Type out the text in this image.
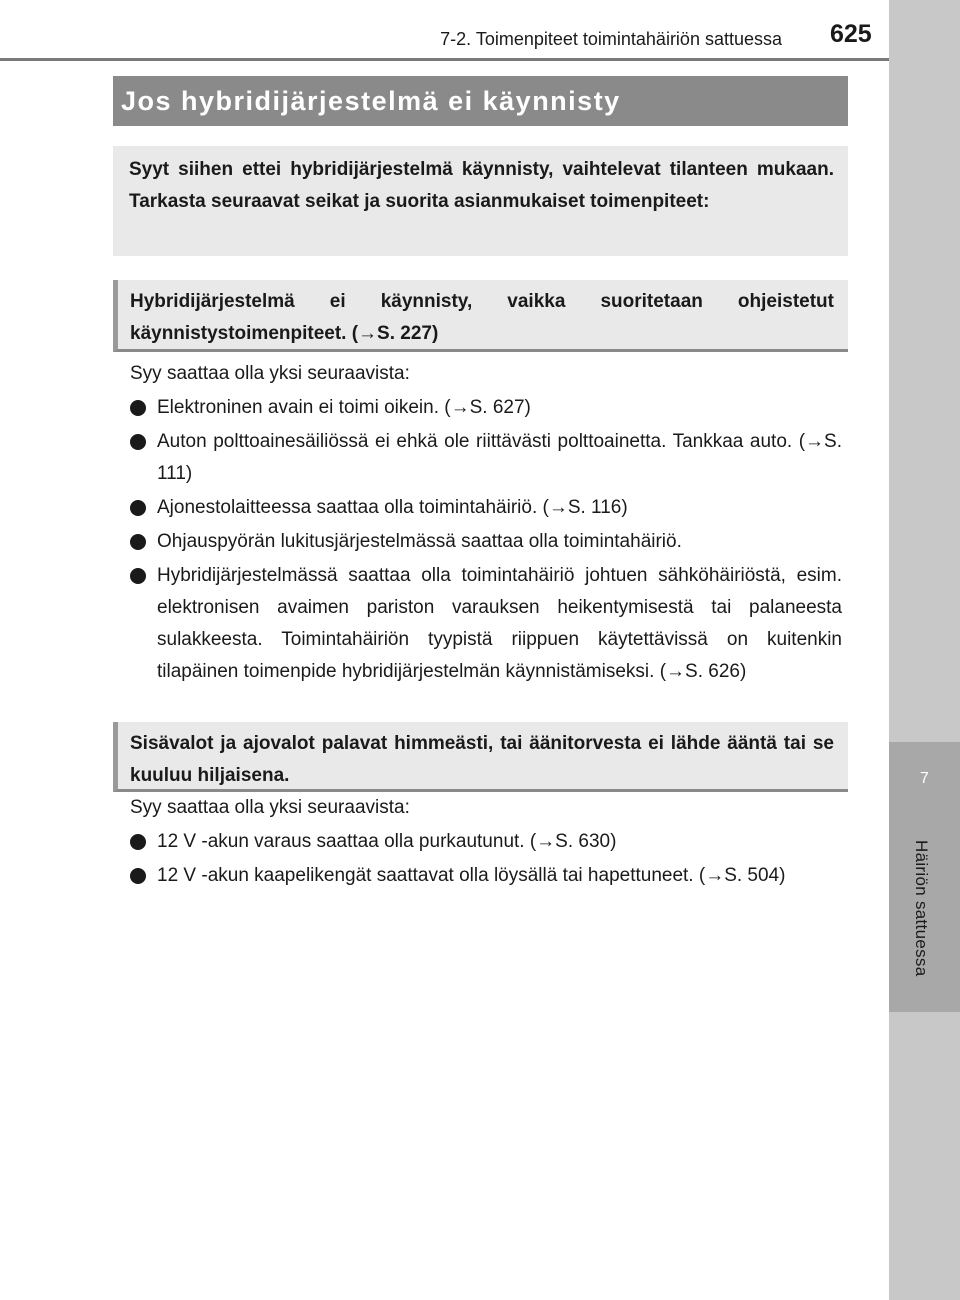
7
Häiriön sattuessa
7-2. Toimenpiteet toimintahäiriön sattuessa 625
Jos hybridijärjestelmä ei käynnisty
Syyt siihen ettei hybridijärjestelmä käynnisty, vaihtelevat tilanteen mukaan. Tarkasta seuraavat seikat ja suorita asianmukaiset toimenpiteet:
Hybridijärjestelmä ei käynnisty, vaikka suoritetaan ohjeistetut käynnistystoimenpiteet. (→S. 227)
Syy saattaa olla yksi seuraavista:
Elektroninen avain ei toimi oikein. (→S. 627)
Auton polttoainesäiliössä ei ehkä ole riittävästi polttoainetta. Tankkaa auto. (→S. 111)
Ajonestolaitteessa saattaa olla toimintahäiriö. (→S. 116)
Ohjauspyörän lukitusjärjestelmässä saattaa olla toimintahäiriö.
Hybridijärjestelmässä saattaa olla toimintahäiriö johtuen sähköhäiriöstä, esim. elektronisen avaimen pariston varauksen heikentymisestä tai palaneesta sulakkeesta. Toimintahäiriön tyypistä riippuen käytettävissä on kuitenkin tilapäinen toimenpide hybridijärjestelmän käynnistämiseksi. (→S. 626)
Sisävalot ja ajovalot palavat himmeästi, tai äänitorvesta ei lähde ääntä tai se kuuluu hiljaisena.
Syy saattaa olla yksi seuraavista:
12 V -akun varaus saattaa olla purkautunut. (→S. 630)
12 V -akun kaapelikengät saattavat olla löysällä tai hapettuneet. (→S. 504)
